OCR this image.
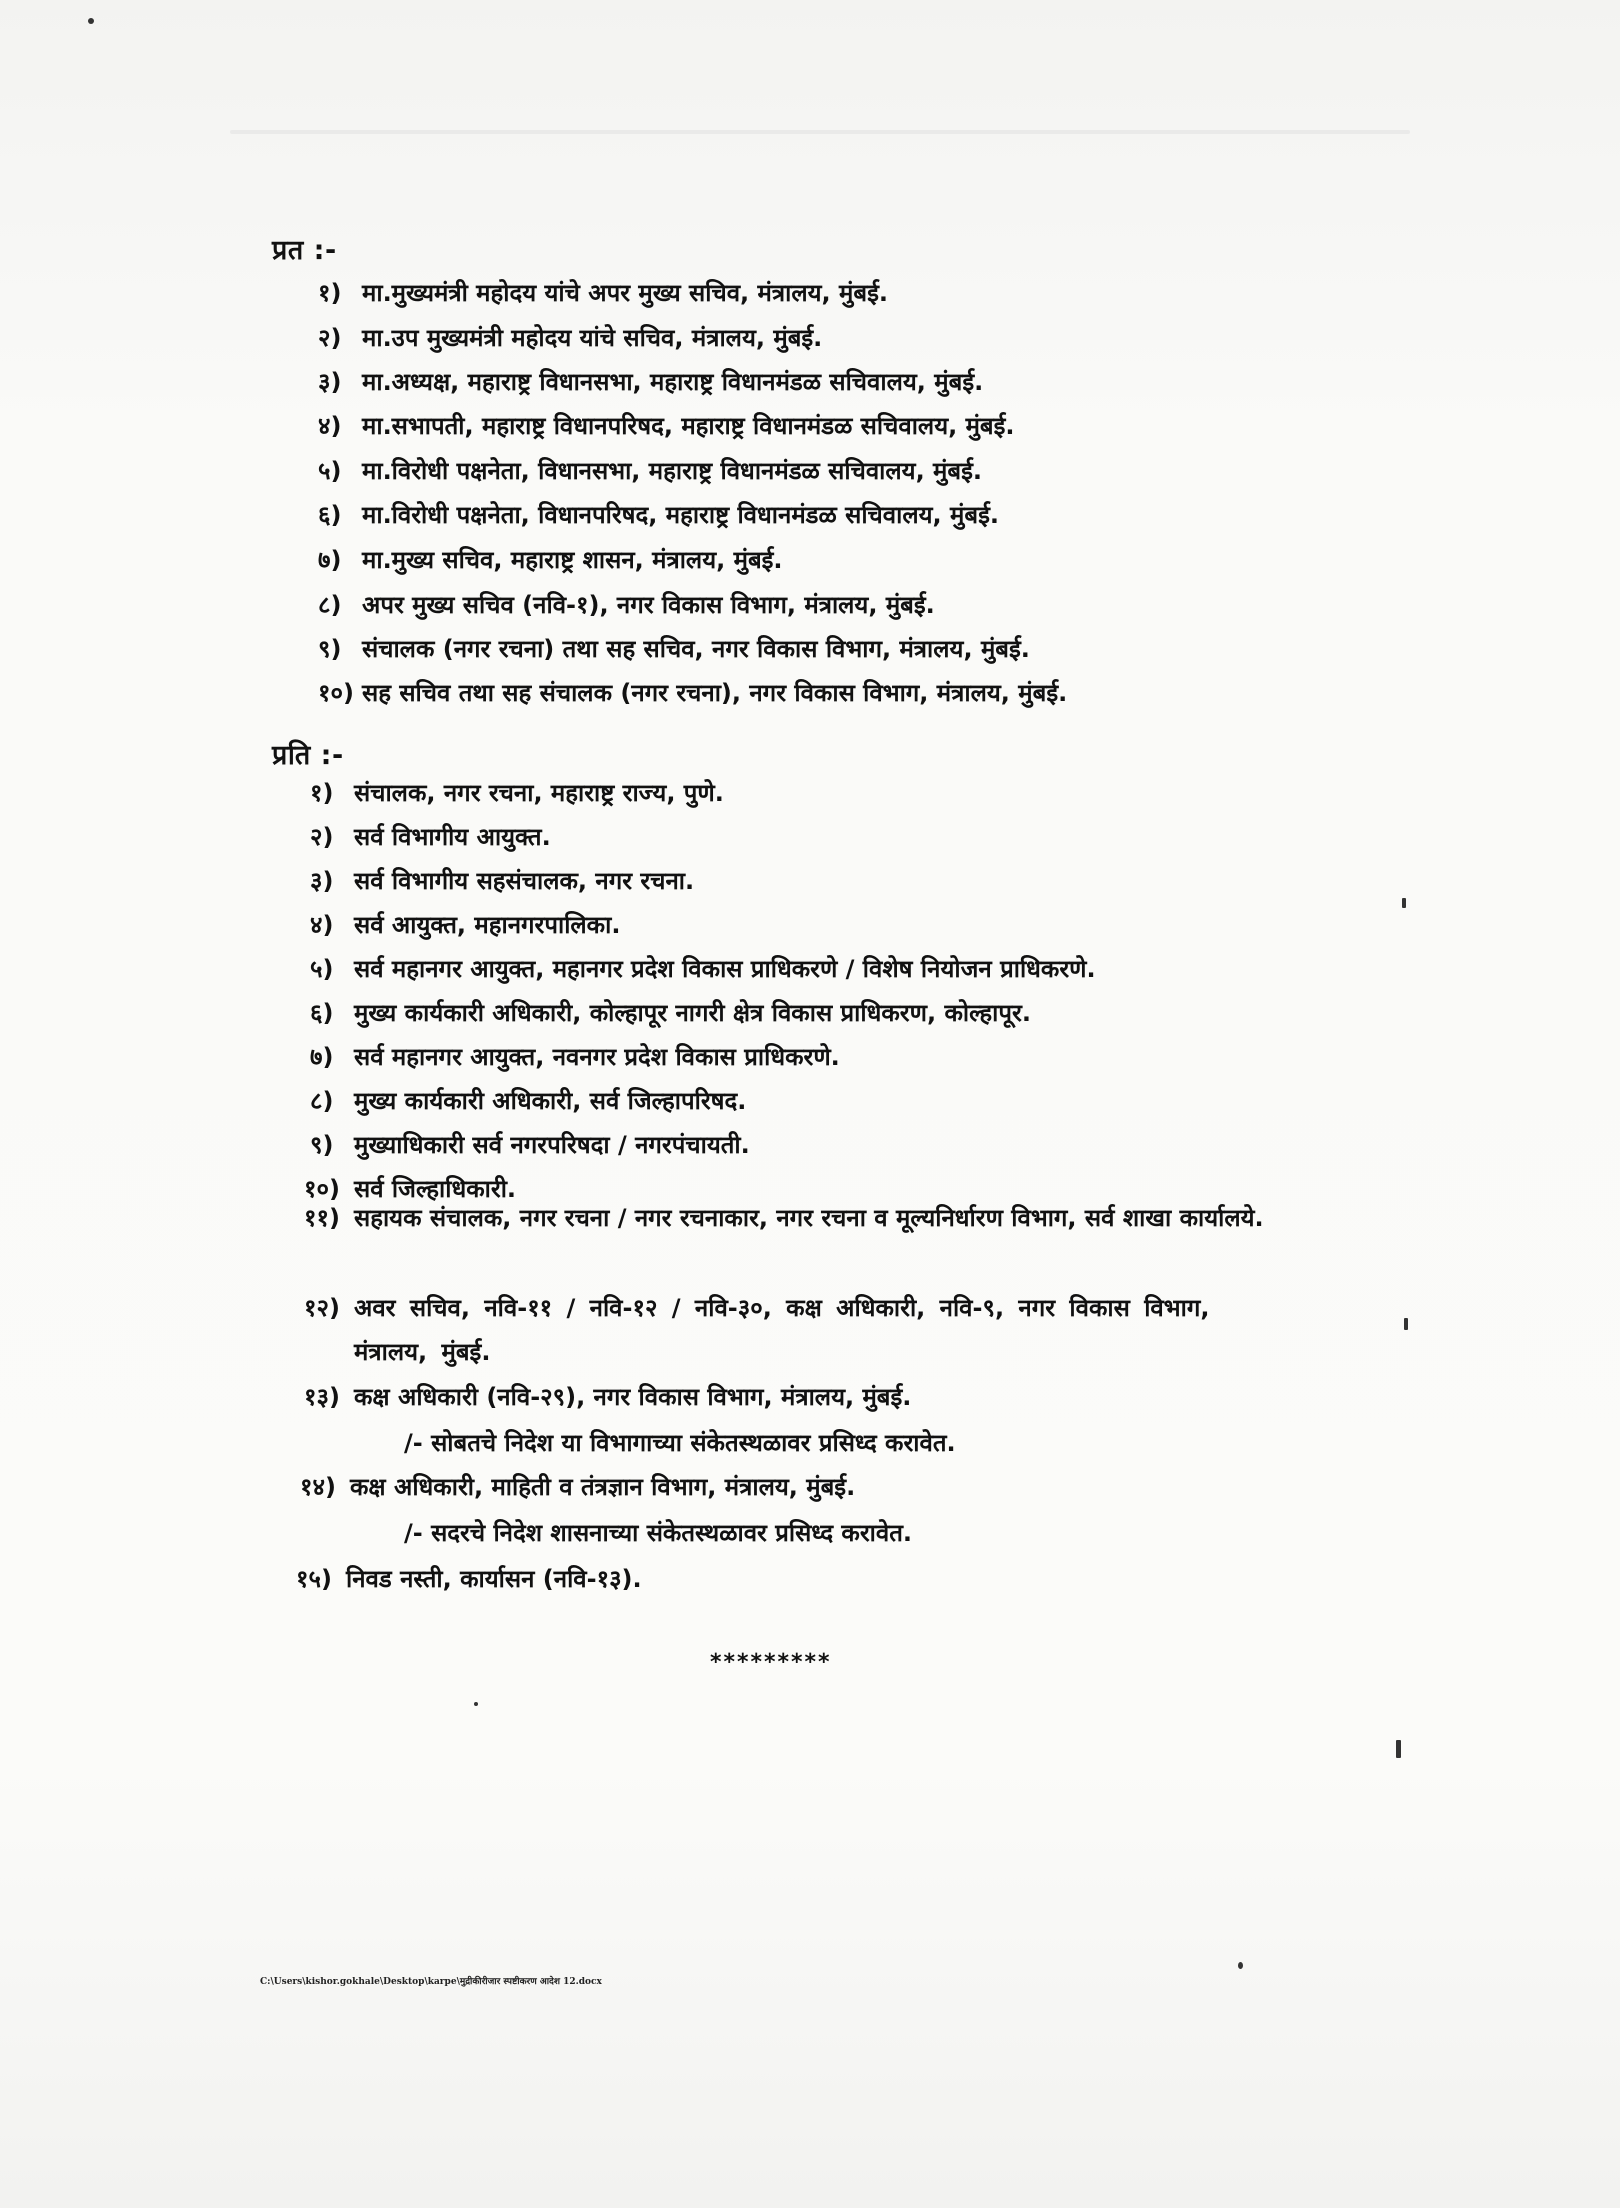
प्रत :-
१) मा.मुख्यमंत्री महोदय यांचे अपर मुख्य सचिव, मंत्रालय, मुंबई.
२) मा.उप मुख्यमंत्री महोदय यांचे सचिव, मंत्रालय, मुंबई.
३) मा.अध्यक्ष, महाराष्ट्र विधानसभा, महाराष्ट्र विधानमंडळ सचिवालय, मुंबई.
४) मा.सभापती, महाराष्ट्र विधानपरिषद, महाराष्ट्र विधानमंडळ सचिवालय, मुंबई.
५) मा.विरोधी पक्षनेता, विधानसभा, महाराष्ट्र विधानमंडळ सचिवालय, मुंबई.
६) मा.विरोधी पक्षनेता, विधानपरिषद, महाराष्ट्र विधानमंडळ सचिवालय, मुंबई.
७) मा.मुख्य सचिव, महाराष्ट्र शासन, मंत्रालय, मुंबई.
८) अपर मुख्य सचिव (नवि-१), नगर विकास विभाग, मंत्रालय, मुंबई.
९) संचालक (नगर रचना) तथा सह सचिव, नगर विकास विभाग, मंत्रालय, मुंबई.
१०) सह सचिव तथा सह संचालक (नगर रचना), नगर विकास विभाग, मंत्रालय, मुंबई.
प्रति :-
१) संचालक, नगर रचना, महाराष्ट्र राज्य, पुणे.
२) सर्व विभागीय आयुक्त.
३) सर्व विभागीय सहसंचालक, नगर रचना.
४) सर्व आयुक्त, महानगरपालिका.
५) सर्व महानगर आयुक्त, महानगर प्रदेश विकास प्राधिकरणे / विशेष नियोजन प्राधिकरणे.
६) मुख्य कार्यकारी अधिकारी, कोल्हापूर नागरी क्षेत्र विकास प्राधिकरण, कोल्हापूर.
७) सर्व महानगर आयुक्त, नवनगर प्रदेश विकास प्राधिकरणे.
८) मुख्य कार्यकारी अधिकारी, सर्व जिल्हापरिषद.
९) मुख्याधिकारी सर्व नगरपरिषदा / नगरपंचायती.
१०) सर्व जिल्हाधिकारी.
११) सहायक संचालक, नगर रचना / नगर रचनाकार, नगर रचना व मूल्यनिर्धारण विभाग, सर्व शाखा कार्यालये.
१२) अवर सचिव, नवि-११ / नवि-१२ / नवि-३०, कक्ष अधिकारी, नवि-९, नगर विकास विभाग, मंत्रालय, मुंबई.
१३) कक्ष अधिकारी (नवि-२९), नगर विकास विभाग, मंत्रालय, मुंबई.
/- सोबतचे निदेश या विभागाच्या संकेतस्थळावर प्रसिध्द करावेत.
१४) कक्ष अधिकारी, माहिती व तंत्रज्ञान विभाग, मंत्रालय, मुंबई.
/- सदरचे निदेश शासनाच्या संकेतस्थळावर प्रसिध्द करावेत.
१५) निवड नस्ती, कार्यासन (नवि-१३).
*********
C:\Users\kishor.gokhale\Desktop\karpe\मुद्रीकीरीजार स्पष्टीकरण आदेश 12.docx
